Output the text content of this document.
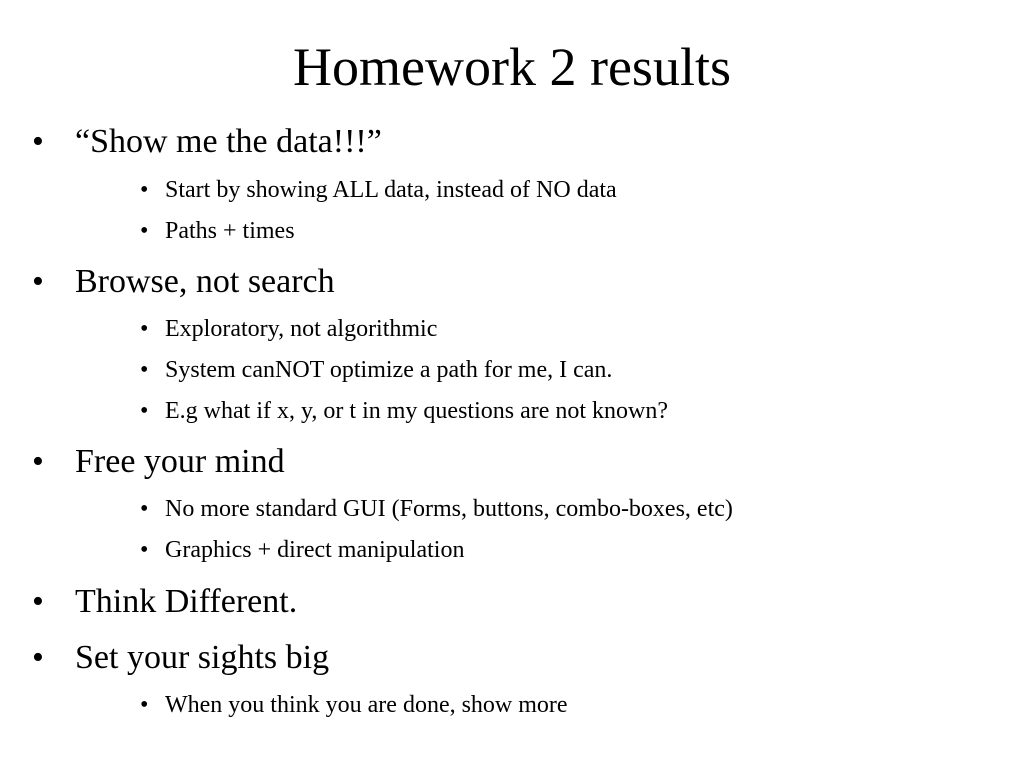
Homework 2 results
• “Show me the data!!!”
• Start by showing ALL data, instead of NO data
• Paths + times
• Browse, not search
• Exploratory, not algorithmic
• System canNOT optimize a path for me, I can.
• E.g what if x, y, or t in my questions are not known?
• Free your mind
• No more standard GUI (Forms, buttons, combo-boxes, etc)
• Graphics + direct manipulation
• Think Different.
• Set your sights big
• When you think you are done, show more
